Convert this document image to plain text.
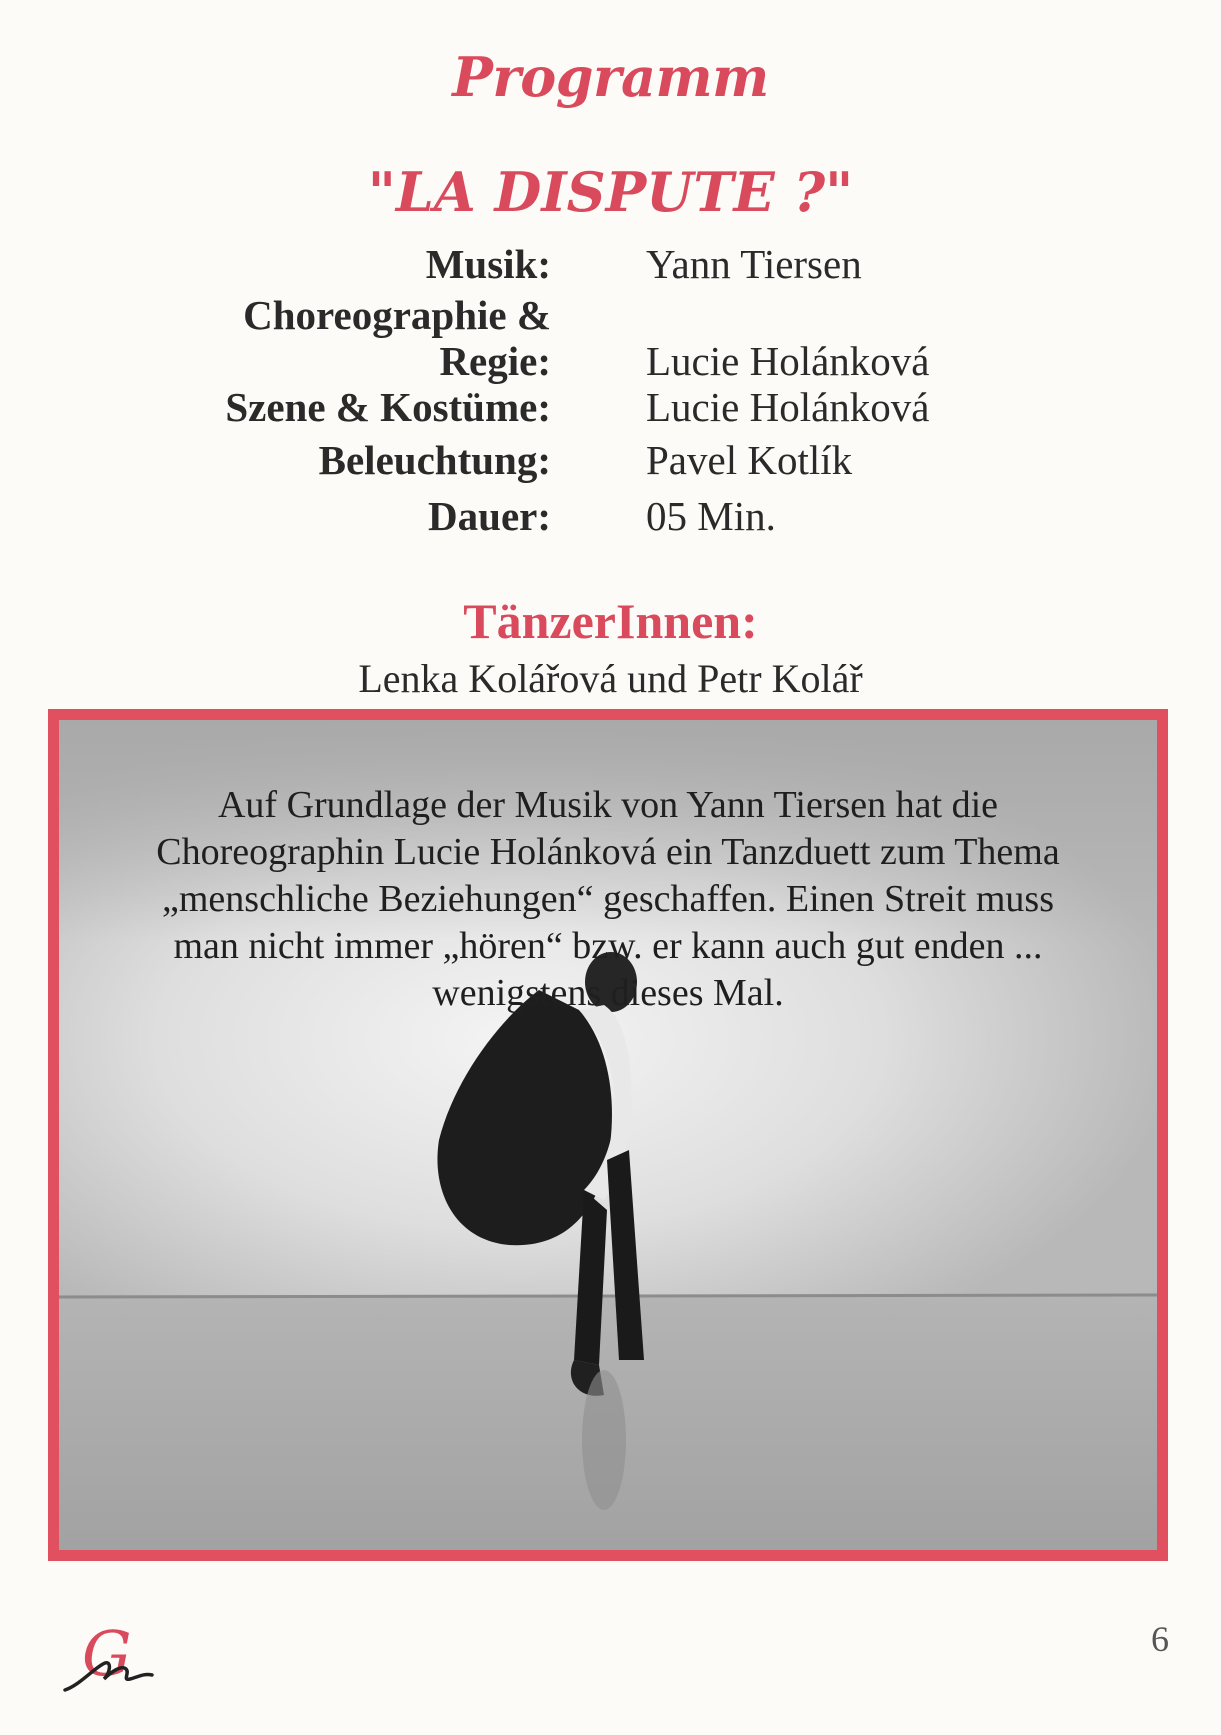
Programm
"LA DISPUTE ?"
Musik: Yann Tiersen
Choreographie &
Regie: Lucie Holánková
Szene & Kostüme: Lucie Holánková
Beleuchtung: Pavel Kotlík
Dauer: 05 Min.
TänzerInnen:
Lenka Kolářová und Petr Kolář

Auf Grundlage der Musik von Yann Tiersen hat die
Choreographin Lucie Holánková ein Tanzduett zum Thema
„menschliche Beziehungen“ geschaffen. Einen Streit muss
man nicht immer „hören“ bzw. er kann auch gut enden ...
wenigstens dieses Mal.

G	6
